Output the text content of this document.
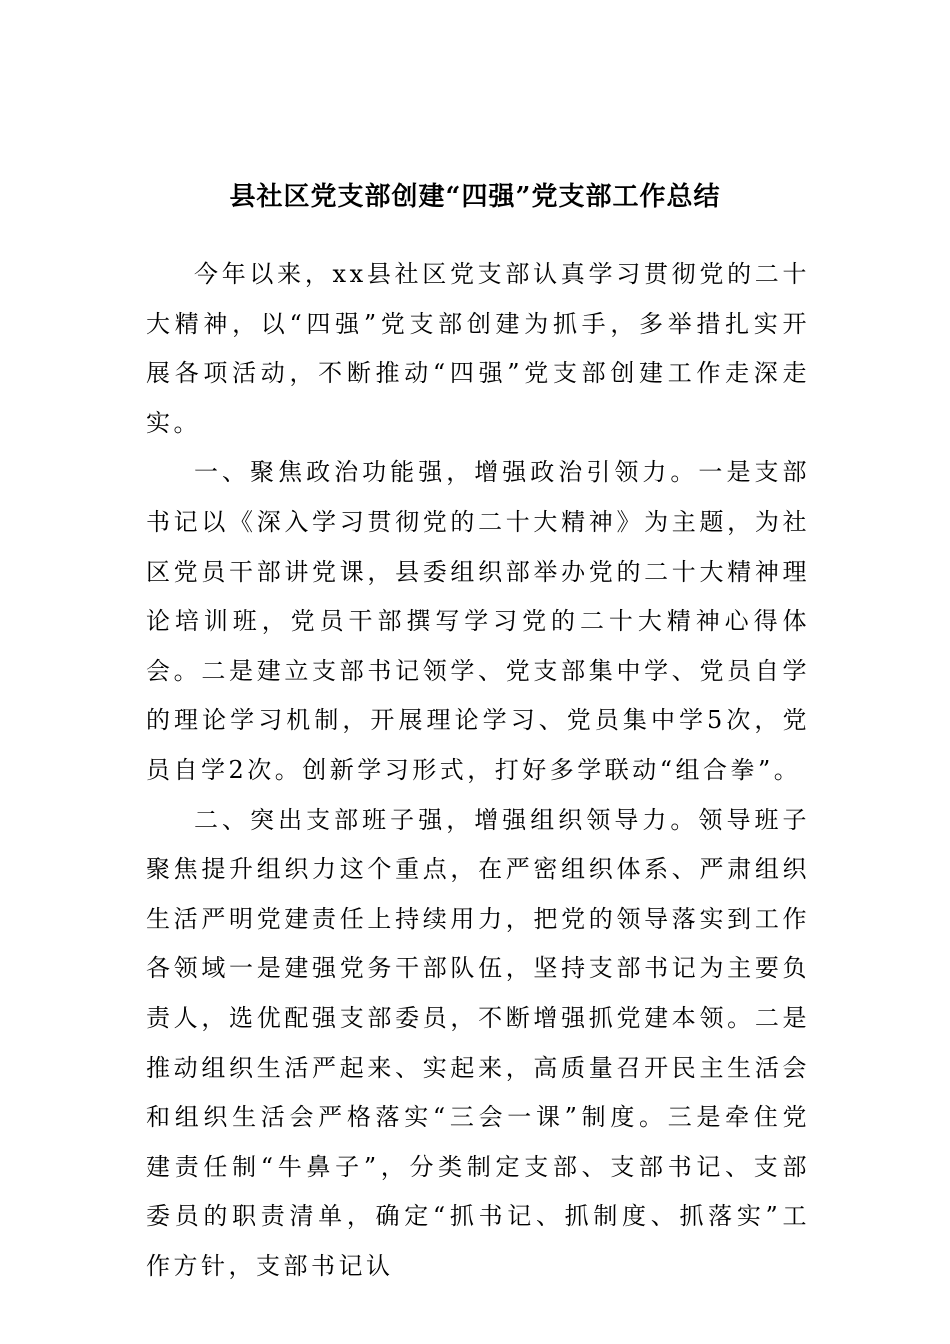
县社区党支部创建“四强”党支部工作总结

今年以来，xx县社区党支部认真学习贯彻党的二十大精神，以“四强”党支部创建为抓手，多举措扎实开展各项活动，不断推动“四强”党支部创建工作走深走实。

一、聚焦政治功能强，增强政治引领力。一是支部书记以《深入学习贯彻党的二十大精神》为主题，为社区党员干部讲党课，县委组织部举办党的二十大精神理论培训班，党员干部撰写学习党的二十大精神心得体会。二是建立支部书记领学、党支部集中学、党员自学的理论学习机制，开展理论学习、党员集中学5次，党员自学2次。创新学习形式，打好多学联动“组合拳”。

二、突出支部班子强，增强组织领导力。领导班子聚焦提升组织力这个重点，在严密组织体系、严肃组织生活严明党建责任上持续用力，把党的领导落实到工作各领域一是建强党务干部队伍，坚持支部书记为主要负责人，选优配强支部委员，不断增强抓党建本领。二是推动组织生活严起来、实起来，高质量召开民主生活会和组织生活会严格落实“三会一课”制度。三是牵住党建责任制“牛鼻子”，分类制定支部、支部书记、支部委员的职责清单，确定“抓书记、抓制度、抓落实”工作方针，支部书记认
